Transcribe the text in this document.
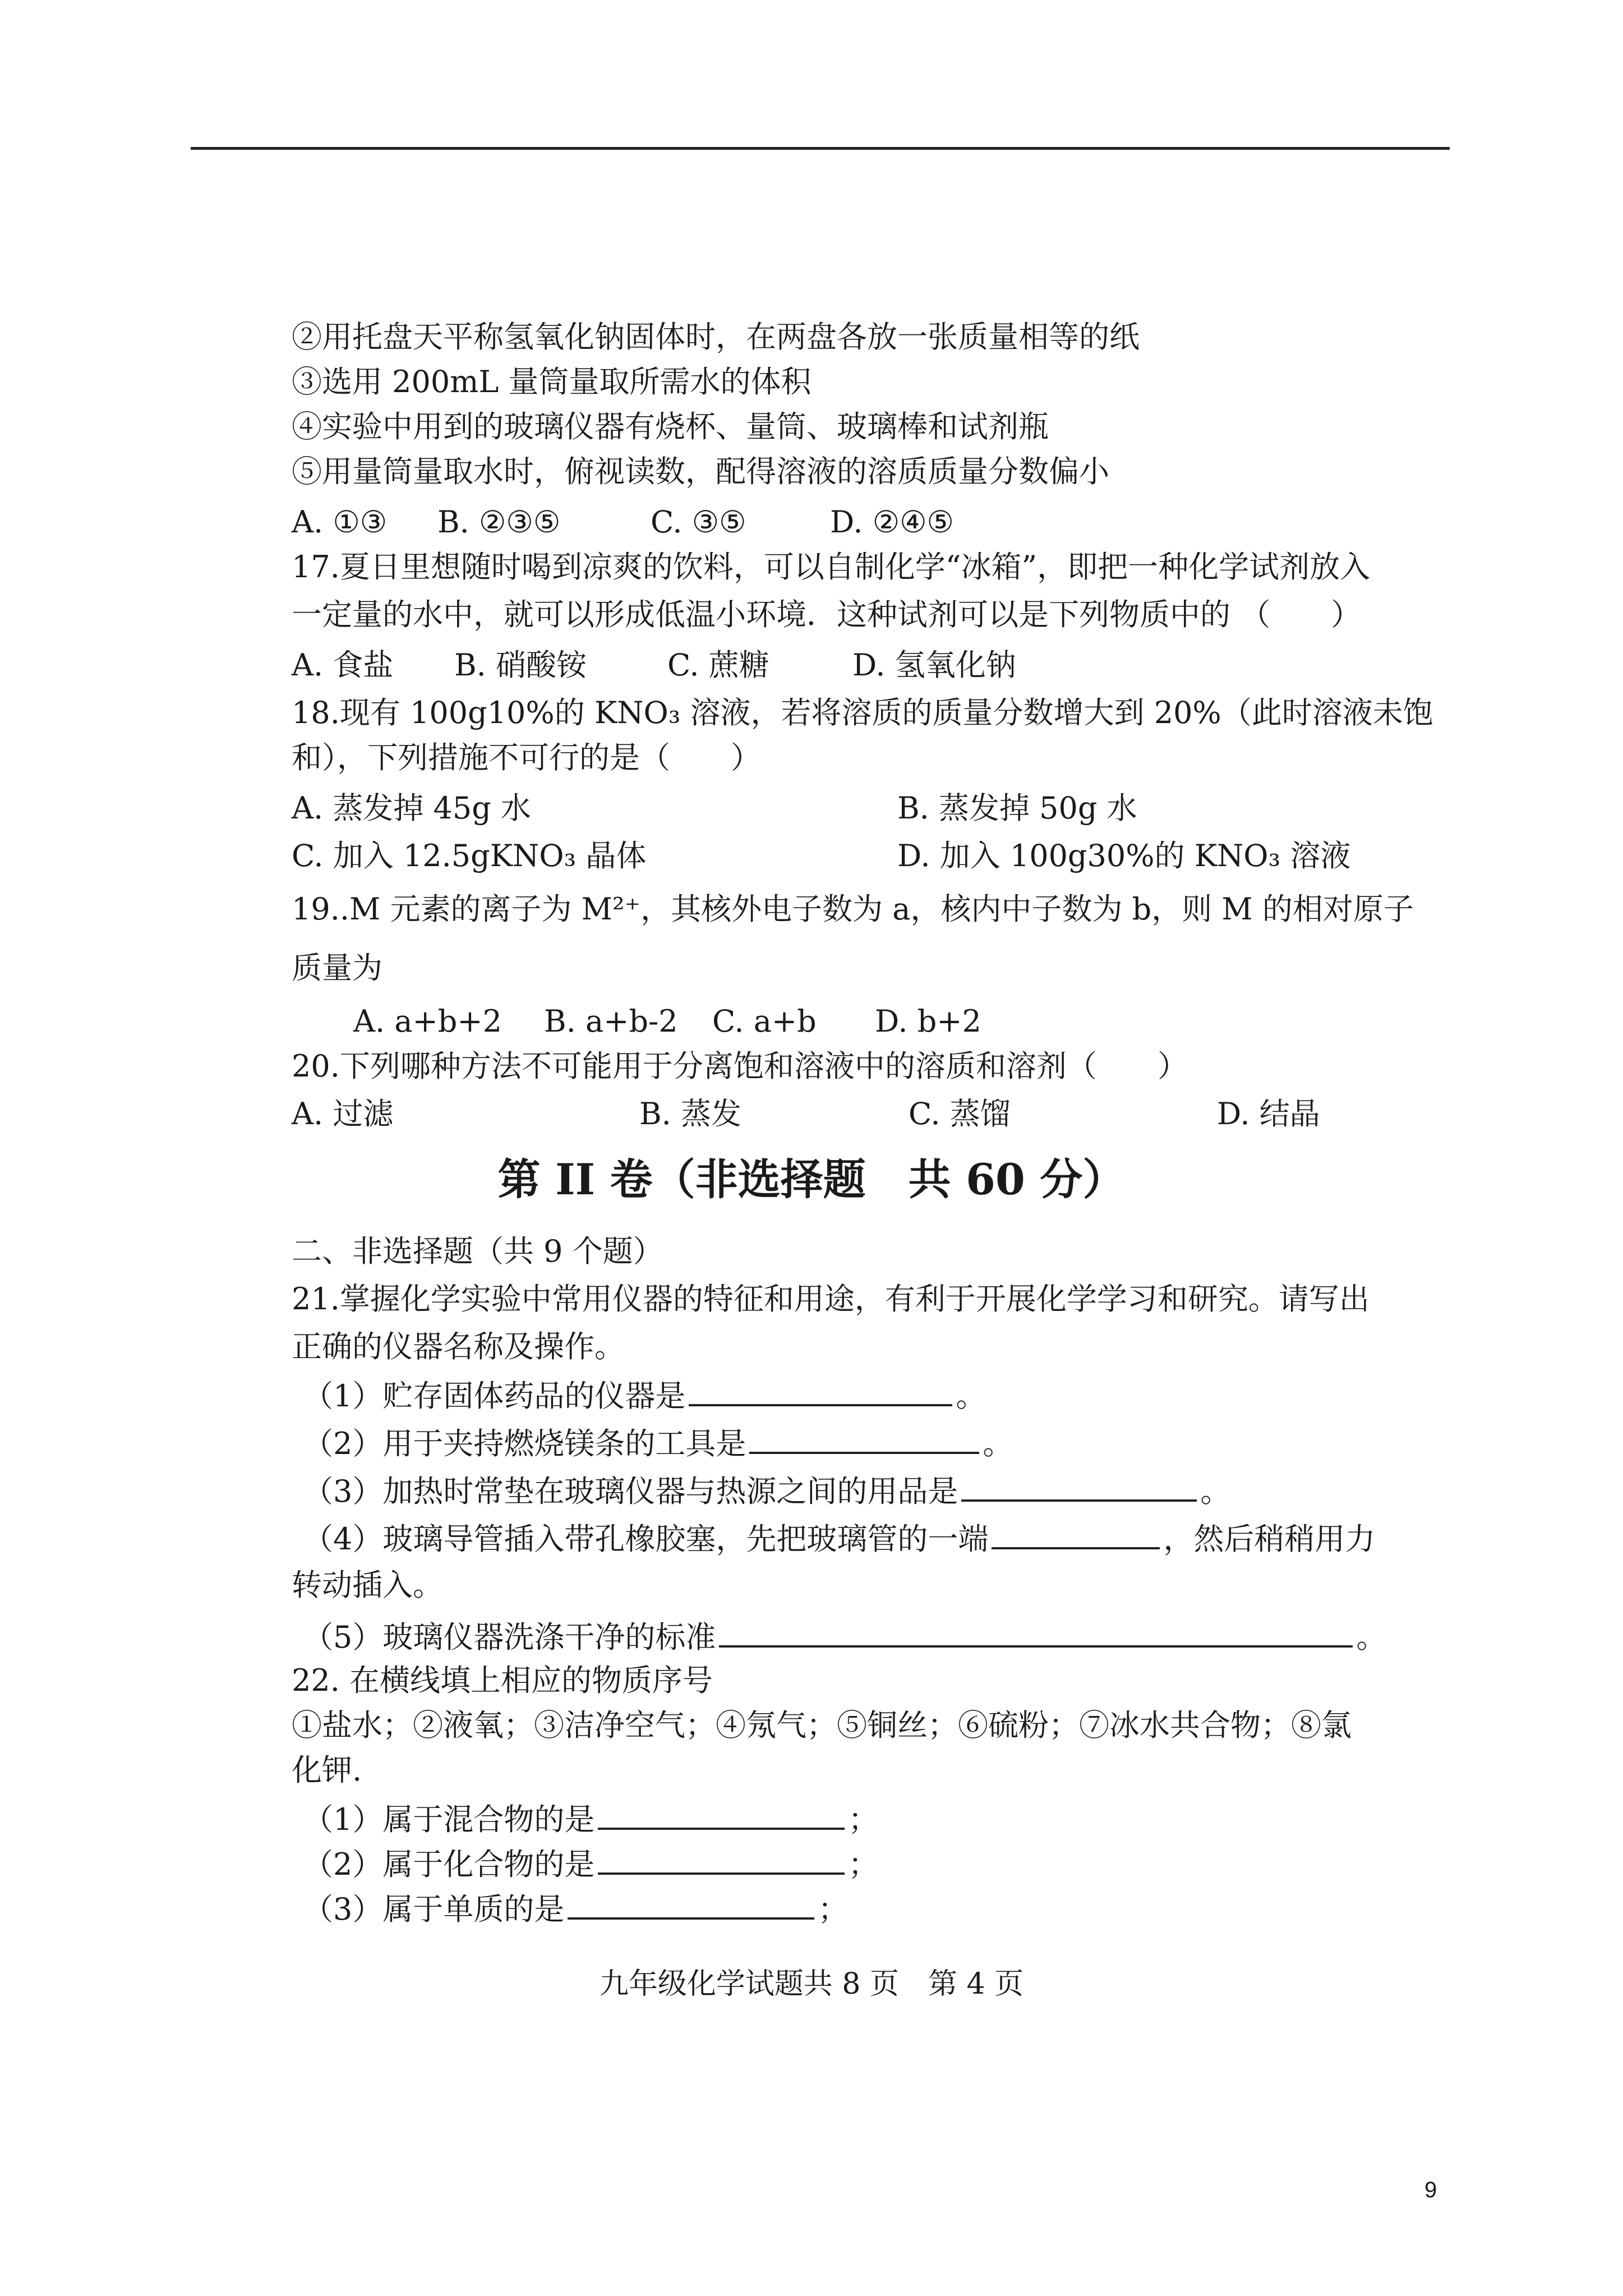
②用托盘天平称氢氧化钠固体时，在两盘各放一张质量相等的纸
③选用 200mL 量筒量取所需水的体积
④实验中用到的玻璃仪器有烧杯、量筒、玻璃棒和试剂瓶
⑤用量筒量取水时，俯视读数，配得溶液的溶质质量分数偏小
A. ①③ B. ②③⑤	C. ③⑤	D. ②④⑤
17.夏日里想随时喝到凉爽的饮料，可以自制化学“冰箱”，即把一种化学试剂放入
一定量的水中，就可以形成低温小环境．这种试剂可以是下列物质中的 （　　）
A. 食盐 B. 硝酸铵	C. 蔗糖	D. 氢氧化钠
18.现有 100g10%的 KNO₃ 溶液，若将溶质的质量分数增大到 20%（此时溶液未饱
和），下列措施不可行的是（　　）
A. 蒸发掉 45g 水	B. 蒸发掉 50g 水
C. 加入 12.5gKNO₃ 晶体	D. 加入 100g30%的 KNO₃ 溶液
19..M 元素的离子为 M²⁺，其核外电子数为 a，核内中子数为 b，则 M 的相对原子
质量为
A. a+b+2 B. a+b-2 C. a+b D. b+2
20.下列哪种方法不可能用于分离饱和溶液中的溶质和溶剂（　　）
A. 过滤	B. 蒸发	C. 蒸馏	D. 结晶
第 II 卷（非选择题　共 60 分）
二、非选择题（共 9 个题）
21.掌握化学实验中常用仪器的特征和用途，有利于开展化学学习和研究。请写出
正确的仪器名称及操作。
（1）贮存固体药品的仪器是	。
（2）用于夹持燃烧镁条的工具是	。
（3）加热时常垫在玻璃仪器与热源之间的用品是	。
（4）玻璃导管插入带孔橡胶塞，先把玻璃管的一端	，然后稍稍用力
转动插入。
（5）玻璃仪器洗涤干净的标准	。
22. 在横线填上相应的物质序号
①盐水；②液氧；③洁净空气；④氖气；⑤铜丝；⑥硫粉；⑦冰水共合物；⑧氯
化钾.
（1）属于混合物的是	；
（2）属于化合物的是	；
（3）属于单质的是	；
九年级化学试题共 8 页　第 4 页
9
